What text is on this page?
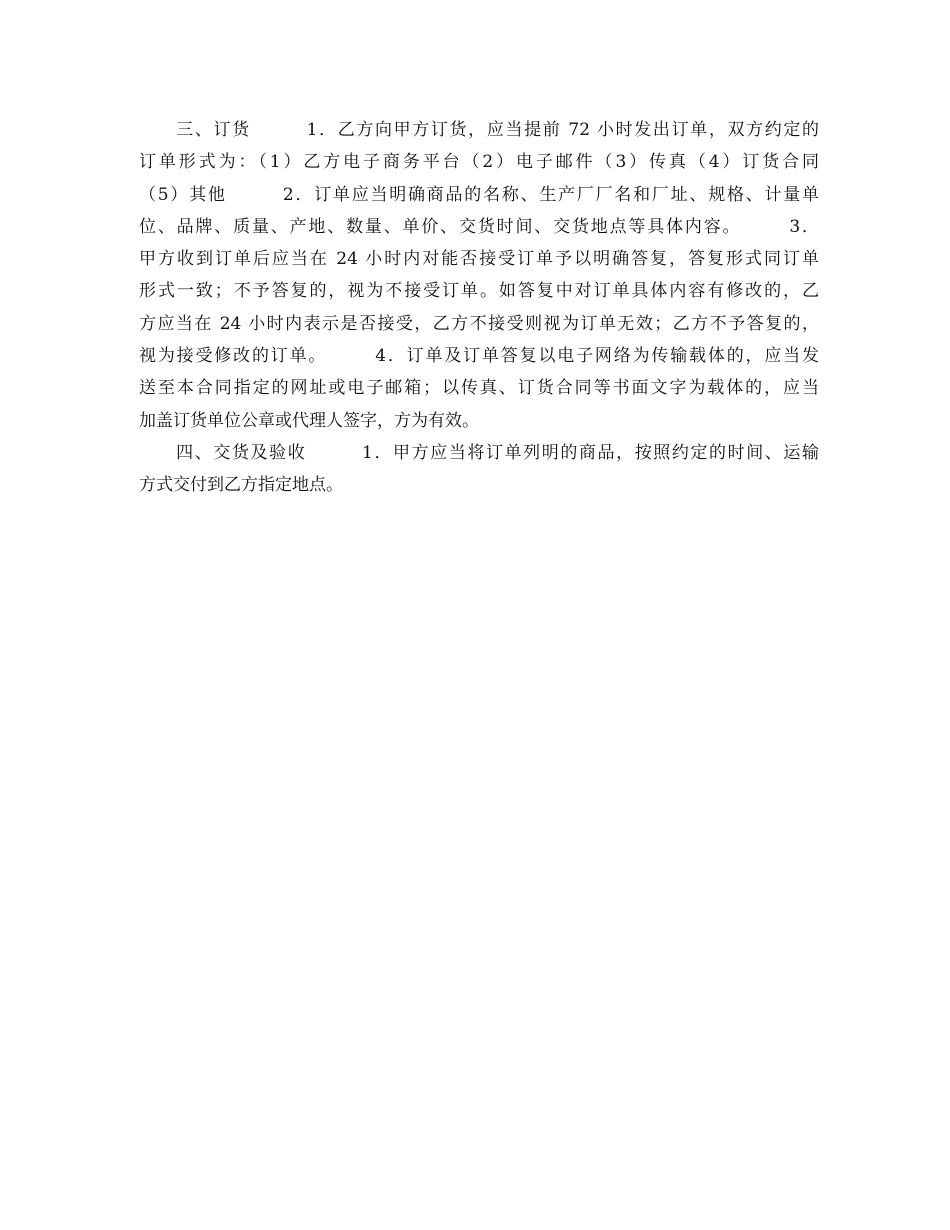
　　三、订货　　　1．乙方向甲方订货，应当提前 72 小时发出订单，双方约定的
订单形式为：（1）乙方电子商务平台（2）电子邮件（3）传真（4）订货合同
（5）其他　　　2．订单应当明确商品的名称、生产厂厂名和厂址、规格、计量单
位、品牌、质量、产地、数量、单价、交货时间、交货地点等具体内容。　　　3．
甲方收到订单后应当在 24 小时内对能否接受订单予以明确答复，答复形式同订单
形式一致；不予答复的，视为不接受订单。如答复中对订单具体内容有修改的，乙
方应当在 24 小时内表示是否接受，乙方不接受则视为订单无效；乙方不予答复的，
视为接受修改的订单。　　　4．订单及订单答复以电子网络为传输载体的，应当发
送至本合同指定的网址或电子邮箱；以传真、订货合同等书面文字为载体的，应当
加盖订货单位公章或代理人签字，方为有效。
　　四、交货及验收　　　1．甲方应当将订单列明的商品，按照约定的时间、运输
方式交付到乙方指定地点。
